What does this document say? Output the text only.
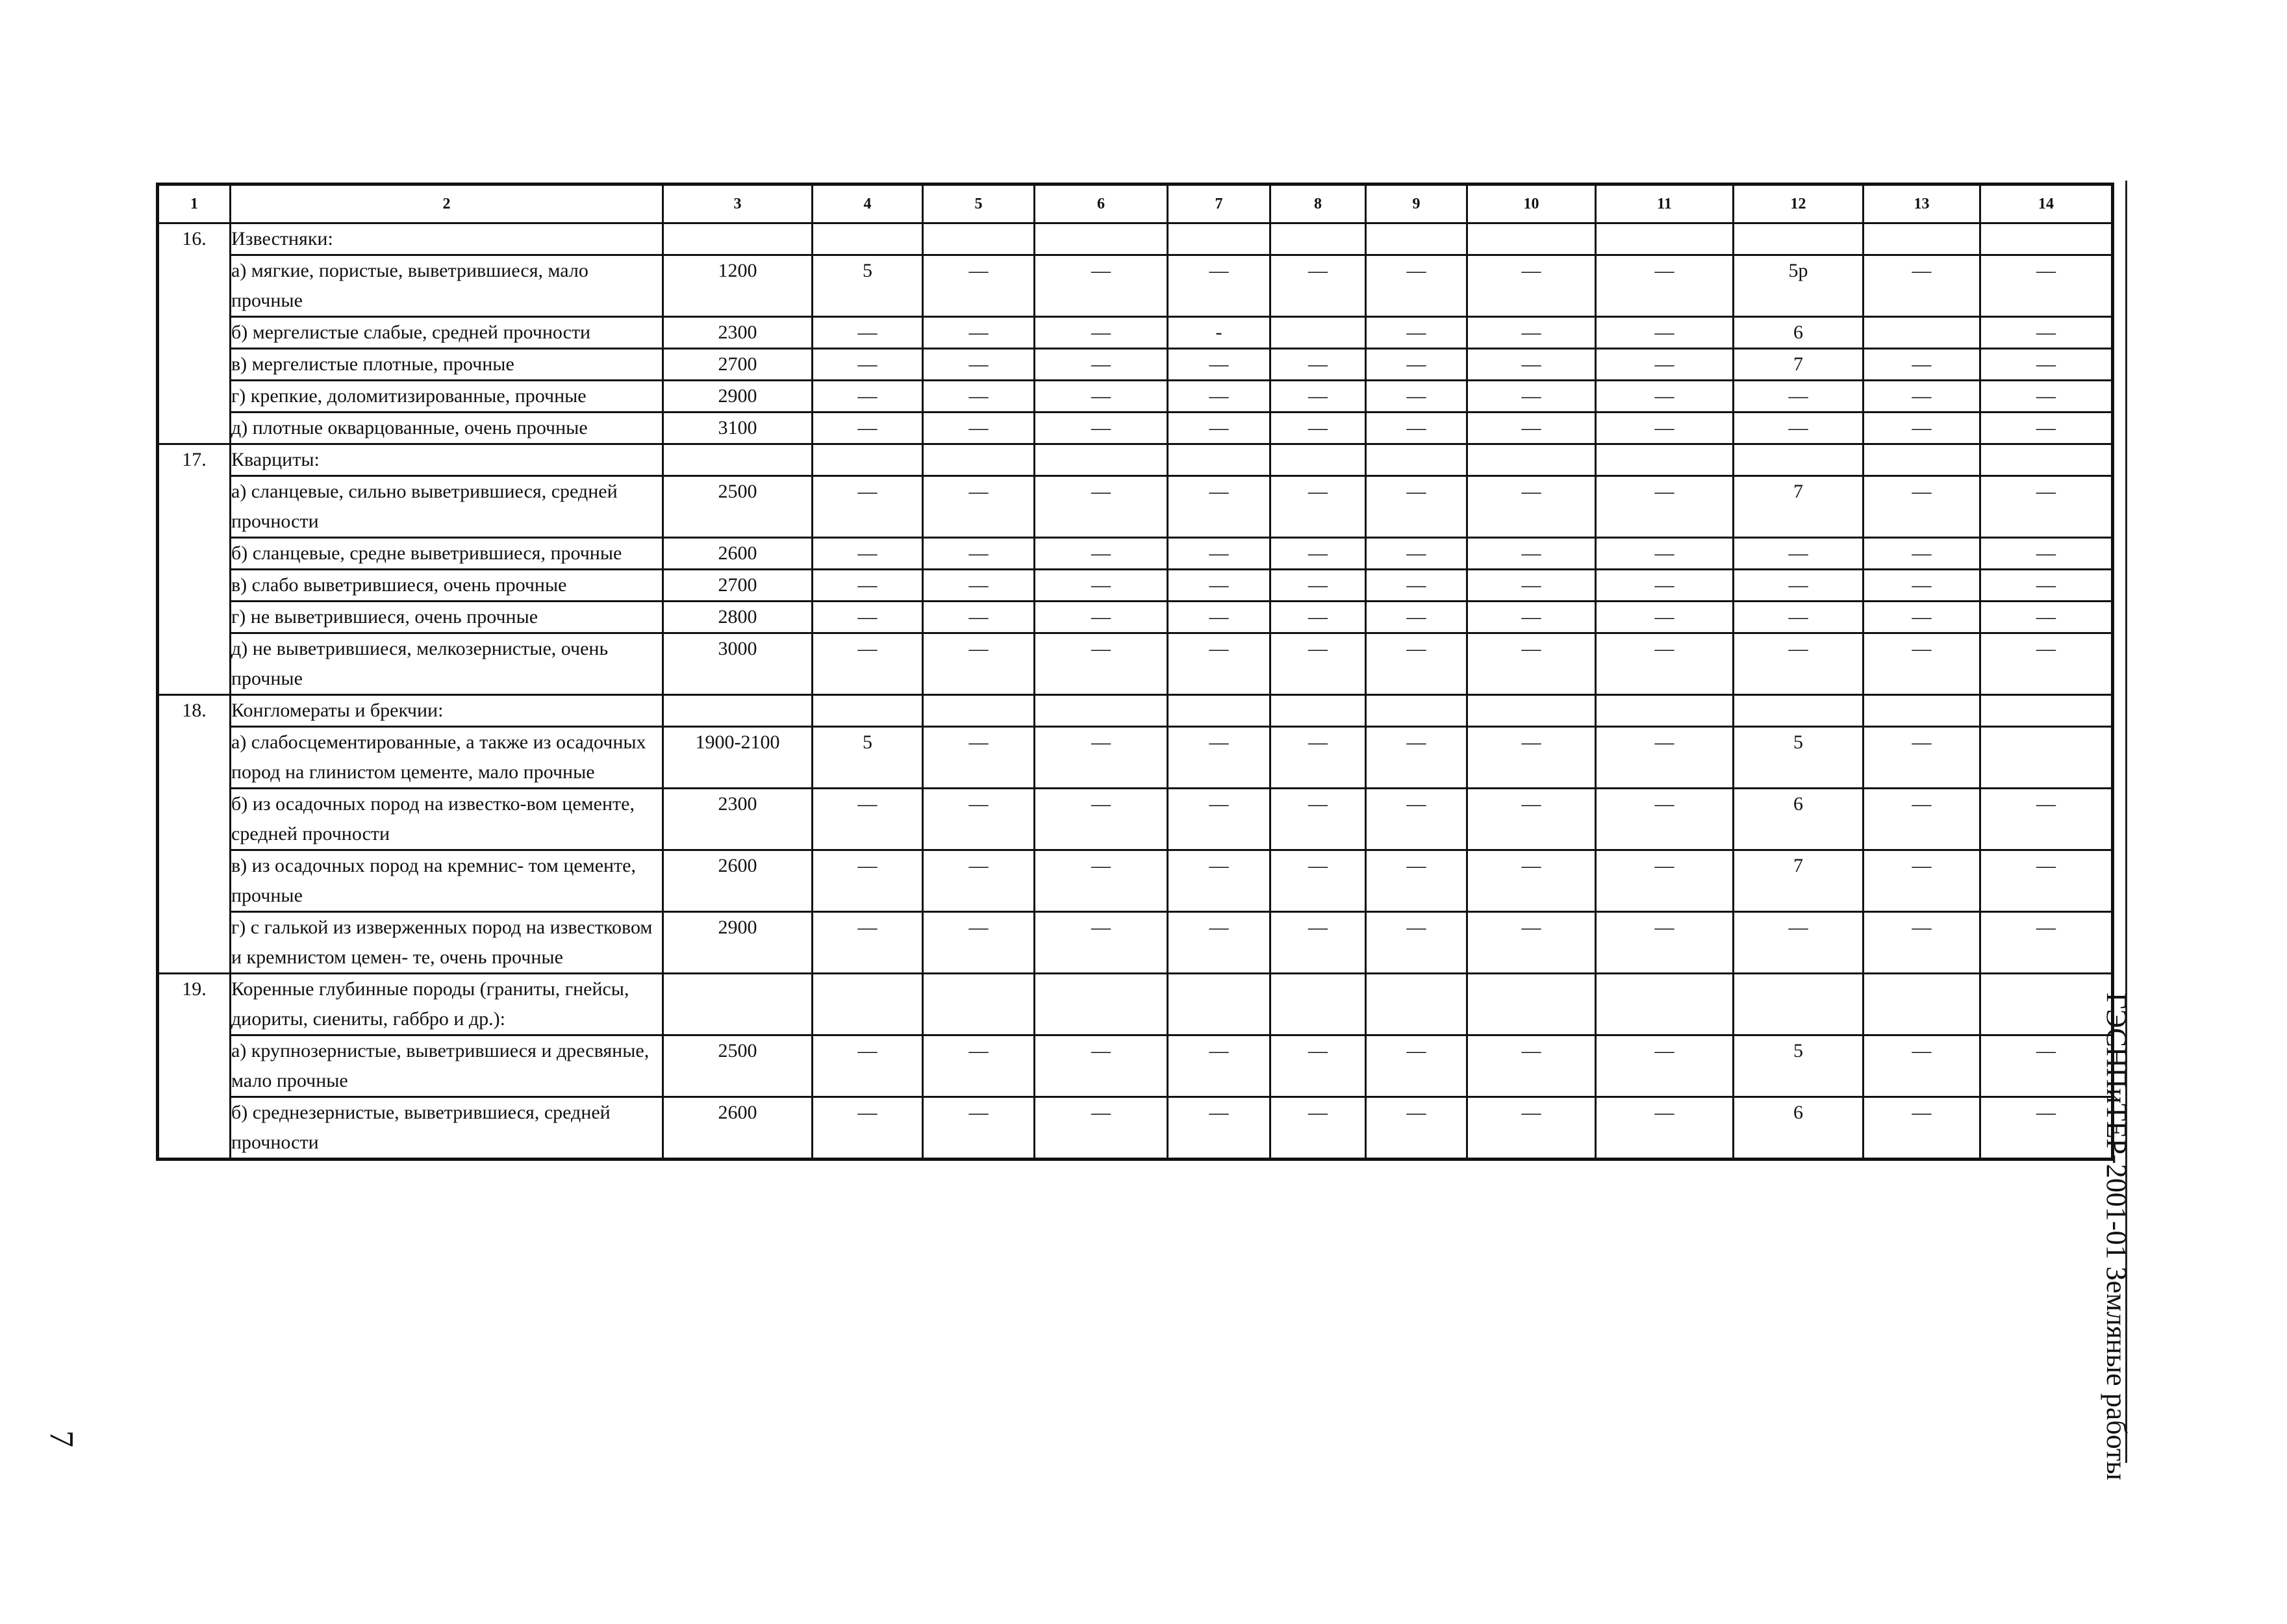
1	2	3	4	5	6	7	8	9	10	11	12	13	14
16.	Известняки:												
	а) мягкие, пористые, выветрившиеся, мало прочные	1200	5	—	—	—	—	—	—	—	5р	—	—
	б) мергелистые слабые, средней прочности	2300	—	—	—	-		—	—	—	6		—
	в) мергелистые плотные, прочные	2700	—	—	—	—	—	—	—	—	7	—	—
	г) крепкие, доломитизированные, прочные	2900	—	—	—	—	—	—	—	—	—	—	—
	д) плотные окварцованные, очень прочные	3100	—	—	—	—	—	—	—	—	—	—	—
17.	Кварциты:												
	а) сланцевые, сильно выветрившиеся, средней прочности	2500	—	—	—	—	—	—	—	—	7	—	—
	б) сланцевые, средне выветрившиеся, прочные	2600	—	—	—	—	—	—	—	—	—	—	—
	в) слабо выветрившиеся, очень прочные	2700	—	—	—	—	—	—	—	—	—	—	—
	г) не выветрившиеся, очень прочные	2800	—	—	—	—	—	—	—	—	—	—	—
	д) не выветрившиеся, мелкозернистые, очень прочные	3000	—	—	—	—	—	—	—	—	—	—	—
18.	Конгломераты и брекчии:												
	а) слабосцементированные, а также из осадочных пород на глинистом цементе, мало прочные	1900-2100	5	—	—	—	—	—	—	—	5	—	
	б) из осадочных пород на известко-вом цементе, средней прочности	2300	—	—	—	—	—	—	—	—	6	—	—
	в) из осадочных пород на кремнис- том цементе, прочные	2600	—	—	—	—	—	—	—	—	7	—	—
	г) с галькой из изверженных пород на известковом и кремнистом цемен- те, очень прочные	2900	—	—	—	—	—	—	—	—	—	—	—
19.	Коренные глубинные породы (граниты, гнейсы, диориты, сиениты, габбро и др.):												
	а) крупнозернистые, выветрившиеся и дресвяные, мало прочные	2500	—	—	—	—	—	—	—	—	5	—	—
	б) среднезернистые, выветрившиеся, средней прочности	2600	—	—	—	—	—	—	—	—	6	—	— ГЭСНПиТЕР-2001-01 Земляные работы
7
